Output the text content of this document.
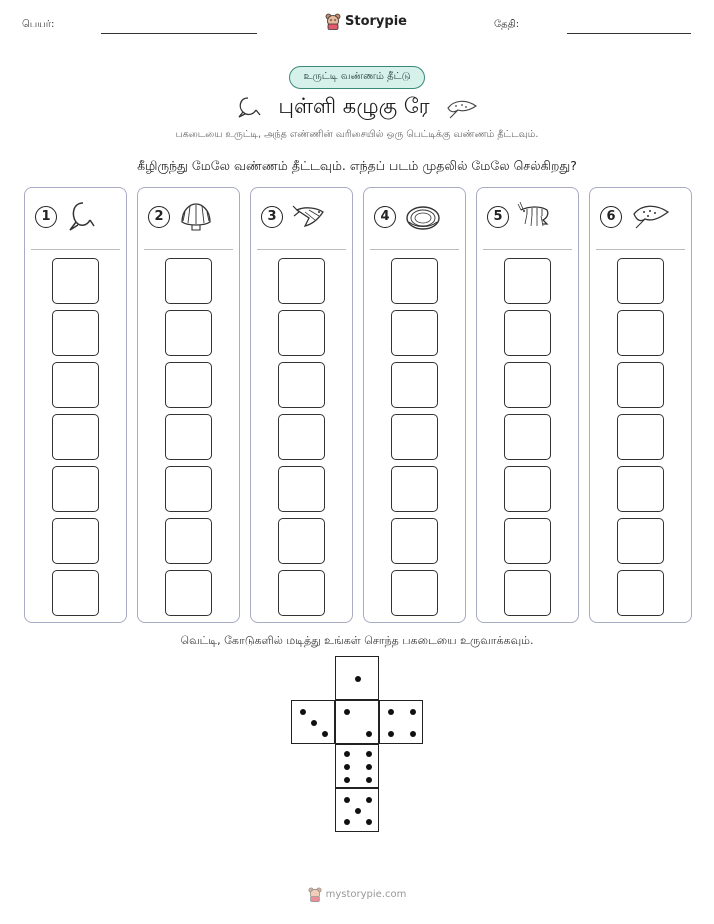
பெயர்:	Storypie	தேதி:
உருட்டி வண்ணம் தீட்டு
புள்ளி கழுகு ரே
பகடையை உருட்டி, அந்த எண்ணின் வரிசையில் ஒரு பெட்டிக்கு வண்ணம் தீட்டவும்.
கீழிருந்து மேலே வண்ணம் தீட்டவும். எந்தப் படம் முதலில் மேலே செல்கிறது?
1	2	3	4	5	6
வெட்டி, கோடுகளில் மடித்து உங்கள் சொந்த பகடையை உருவாக்கவும்.
mystorypie.com
